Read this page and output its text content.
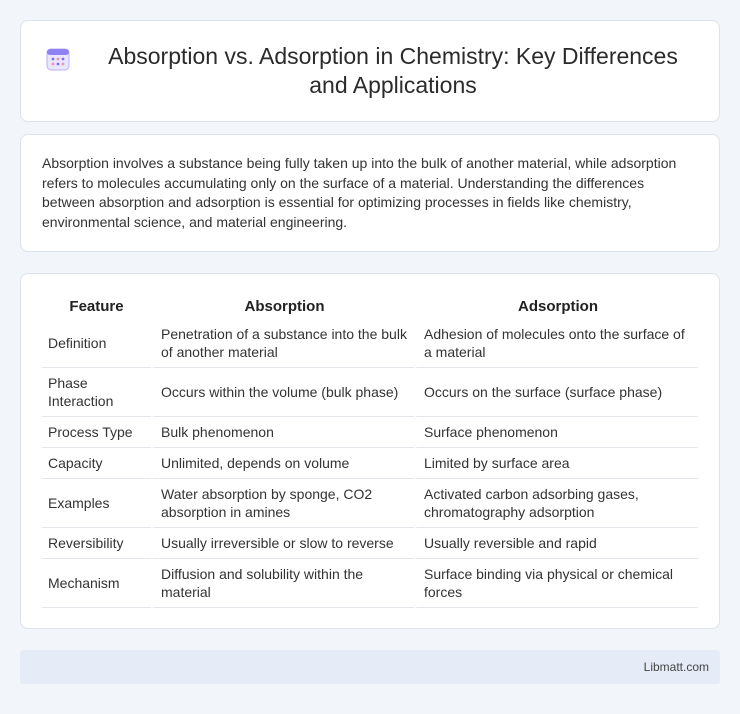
Absorption vs. Adsorption in Chemistry: Key Differences and Applications

Absorption involves a substance being fully taken up into the bulk of another material, while adsorption refers to molecules accumulating only on the surface of a material. Understanding the differences between absorption and adsorption is essential for optimizing processes in fields like chemistry, environmental science, and material engineering.

Feature	Absorption	Adsorption
Definition	Penetration of a substance into the bulk of another material	Adhesion of molecules onto the surface of a material
Phase Interaction	Occurs within the volume (bulk phase)	Occurs on the surface (surface phase)
Process Type	Bulk phenomenon	Surface phenomenon
Capacity	Unlimited, depends on volume	Limited by surface area
Examples	Water absorption by sponge, CO2 absorption in amines	Activated carbon adsorbing gases, chromatography adsorption
Reversibility	Usually irreversible or slow to reverse	Usually reversible and rapid
Mechanism	Diffusion and solubility within the material	Surface binding via physical or chemical forces
Libmatt.com
